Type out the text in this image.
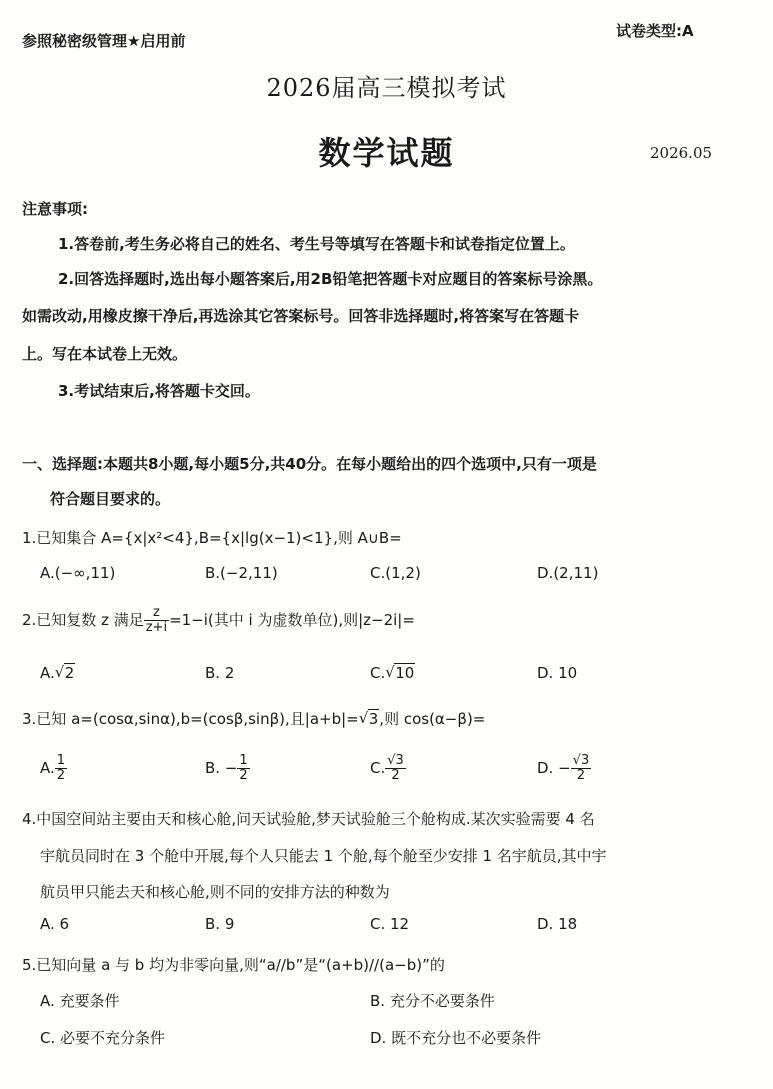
参照秘密级管理★启用前
试卷类型:A
2026届高三模拟考试
数学试题	2026.05
注意事项:
1.答卷前,考生务必将自己的姓名、考生号等填写在答题卡和试卷指定位置上。
2.回答选择题时,选出每小题答案后,用2B铅笔把答题卡对应题目的答案标号涂黑。
如需改动,用橡皮擦干净后,再选涂其它答案标号。回答非选择题时,将答案写在答题卡
上。写在本试卷上无效。
3.考试结束后,将答题卡交回。
一、选择题:本题共8小题,每小题5分,共40分。在每小题给出的四个选项中,只有一项是
符合题目要求的。
1.已知集合 A={x|x²<4},B={x|lg(x−1)<1},则 A∪B=
A.(−∞,11)	B.(−2,11)	C.(1,2)	D.(2,11)
2.已知复数 z 满足 $\frac{z}{z+i} =1-i$(其中 i 为虚数单位),则|z−2i|=
A. √ 2	B. 2	C. √ 10	D. 10
3.已知 a=(cosα,sinα),b=(cosβ,sinβ),且|a+b|= √ 3,则 cos(α−β)=
A. $\frac{1}{2}$	B. − $\frac{1}{2}$	C. $\frac{√3}{2}$	D. − $\frac{√3}{2}$
4.中国空间站主要由天和核心舱,问天试验舱,梦天试验舱三个舱构成.某次实验需要 4 名
宇航员同时在 3 个舱中开展,每个人只能去 1 个舱,每个舱至少安排 1 名宇航员,其中宇
航员甲只能去天和核心舱,则不同的安排方法的种数为
A. 6	B. 9	C. 12	D. 18
5.已知向量 a 与 b 均为非零向量,则“a//b”是“(a+b)//(a−b)”的
A. 充要条件	B. 充分不必要条件
C. 必要不充分条件	D. 既不充分也不必要条件
